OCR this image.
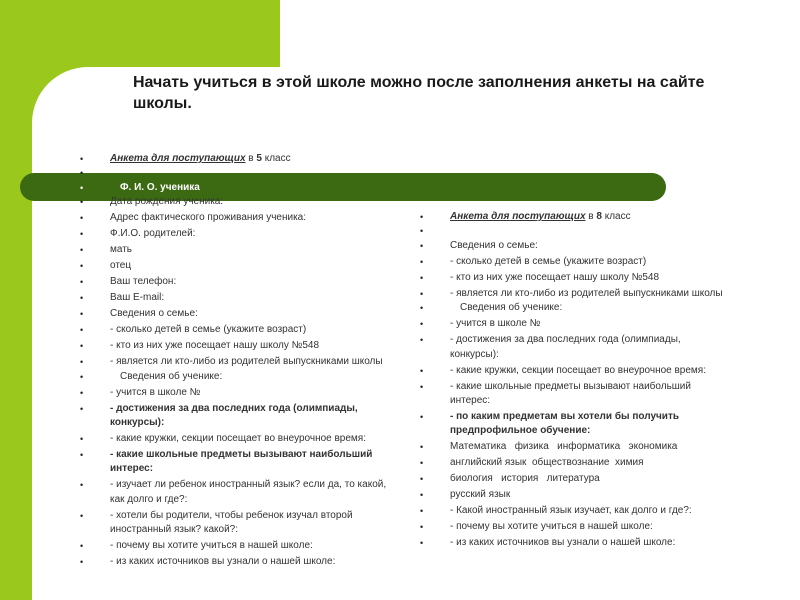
Начать учиться в этой школе можно после заполнения анкеты на сайте школы.
•	Анкета для поступающих в 5 класс
•
•	Ф. И. О. ученика
•	Дата рождения ученика:
•	Адрес фактического проживания ученика:
•	Ф.И.О. родителей:
•	мать
•	отец
•	Ваш телефон:
•	Ваш E-mail:
•	Сведения о семье:
•	- сколько детей в семье (укажите возраст)
•	- кто из них уже посещает нашу школу №548
•	- является ли кто-либо из родителей выпускниками школы
•	Сведения об ученике:
•	- учится в школе №
•	- достижения за два последних года (олимпиады, конкурсы):
•	- какие кружки, секции посещает во внеурочное время:
•	- какие школьные предметы вызывают наибольший интерес:
•	- изучает ли ребенок иностранный язык? если да, то какой, как долго и где?:
•	- хотели бы родители, чтобы ребенок изучал второй иностранный язык? какой?:
•	- почему вы хотите учиться в нашей школе:
•	- из каких источников вы узнали о нашей школе:
•	Анкета для поступающих в 8 класс
•
•	Сведения о семье:
•	- сколько детей в семье (укажите возраст)
•	- кто из них уже посещает нашу школу №548
•	- является ли кто-либо из родителей выпускниками школы
•	Сведения об ученике:
•	- учится в школе №
•	- достижения за два последних года (олимпиады, конкурсы):
•	- какие кружки, секции посещает во внеурочное время:
•	- какие школьные предметы вызывают наибольший интерес:
•	- по каким предметам вы хотели бы получить предпрофильное обучение:
•	Математика   физика   информатика   экономика
•	английский язык  обществознание  химия
•	биология   история   литература
•	русский язык
•	- Какой иностранный язык изучает, как долго и где?:
•	- почему вы хотите учиться в нашей школе:
•	- из каких источников вы узнали о нашей школе:
